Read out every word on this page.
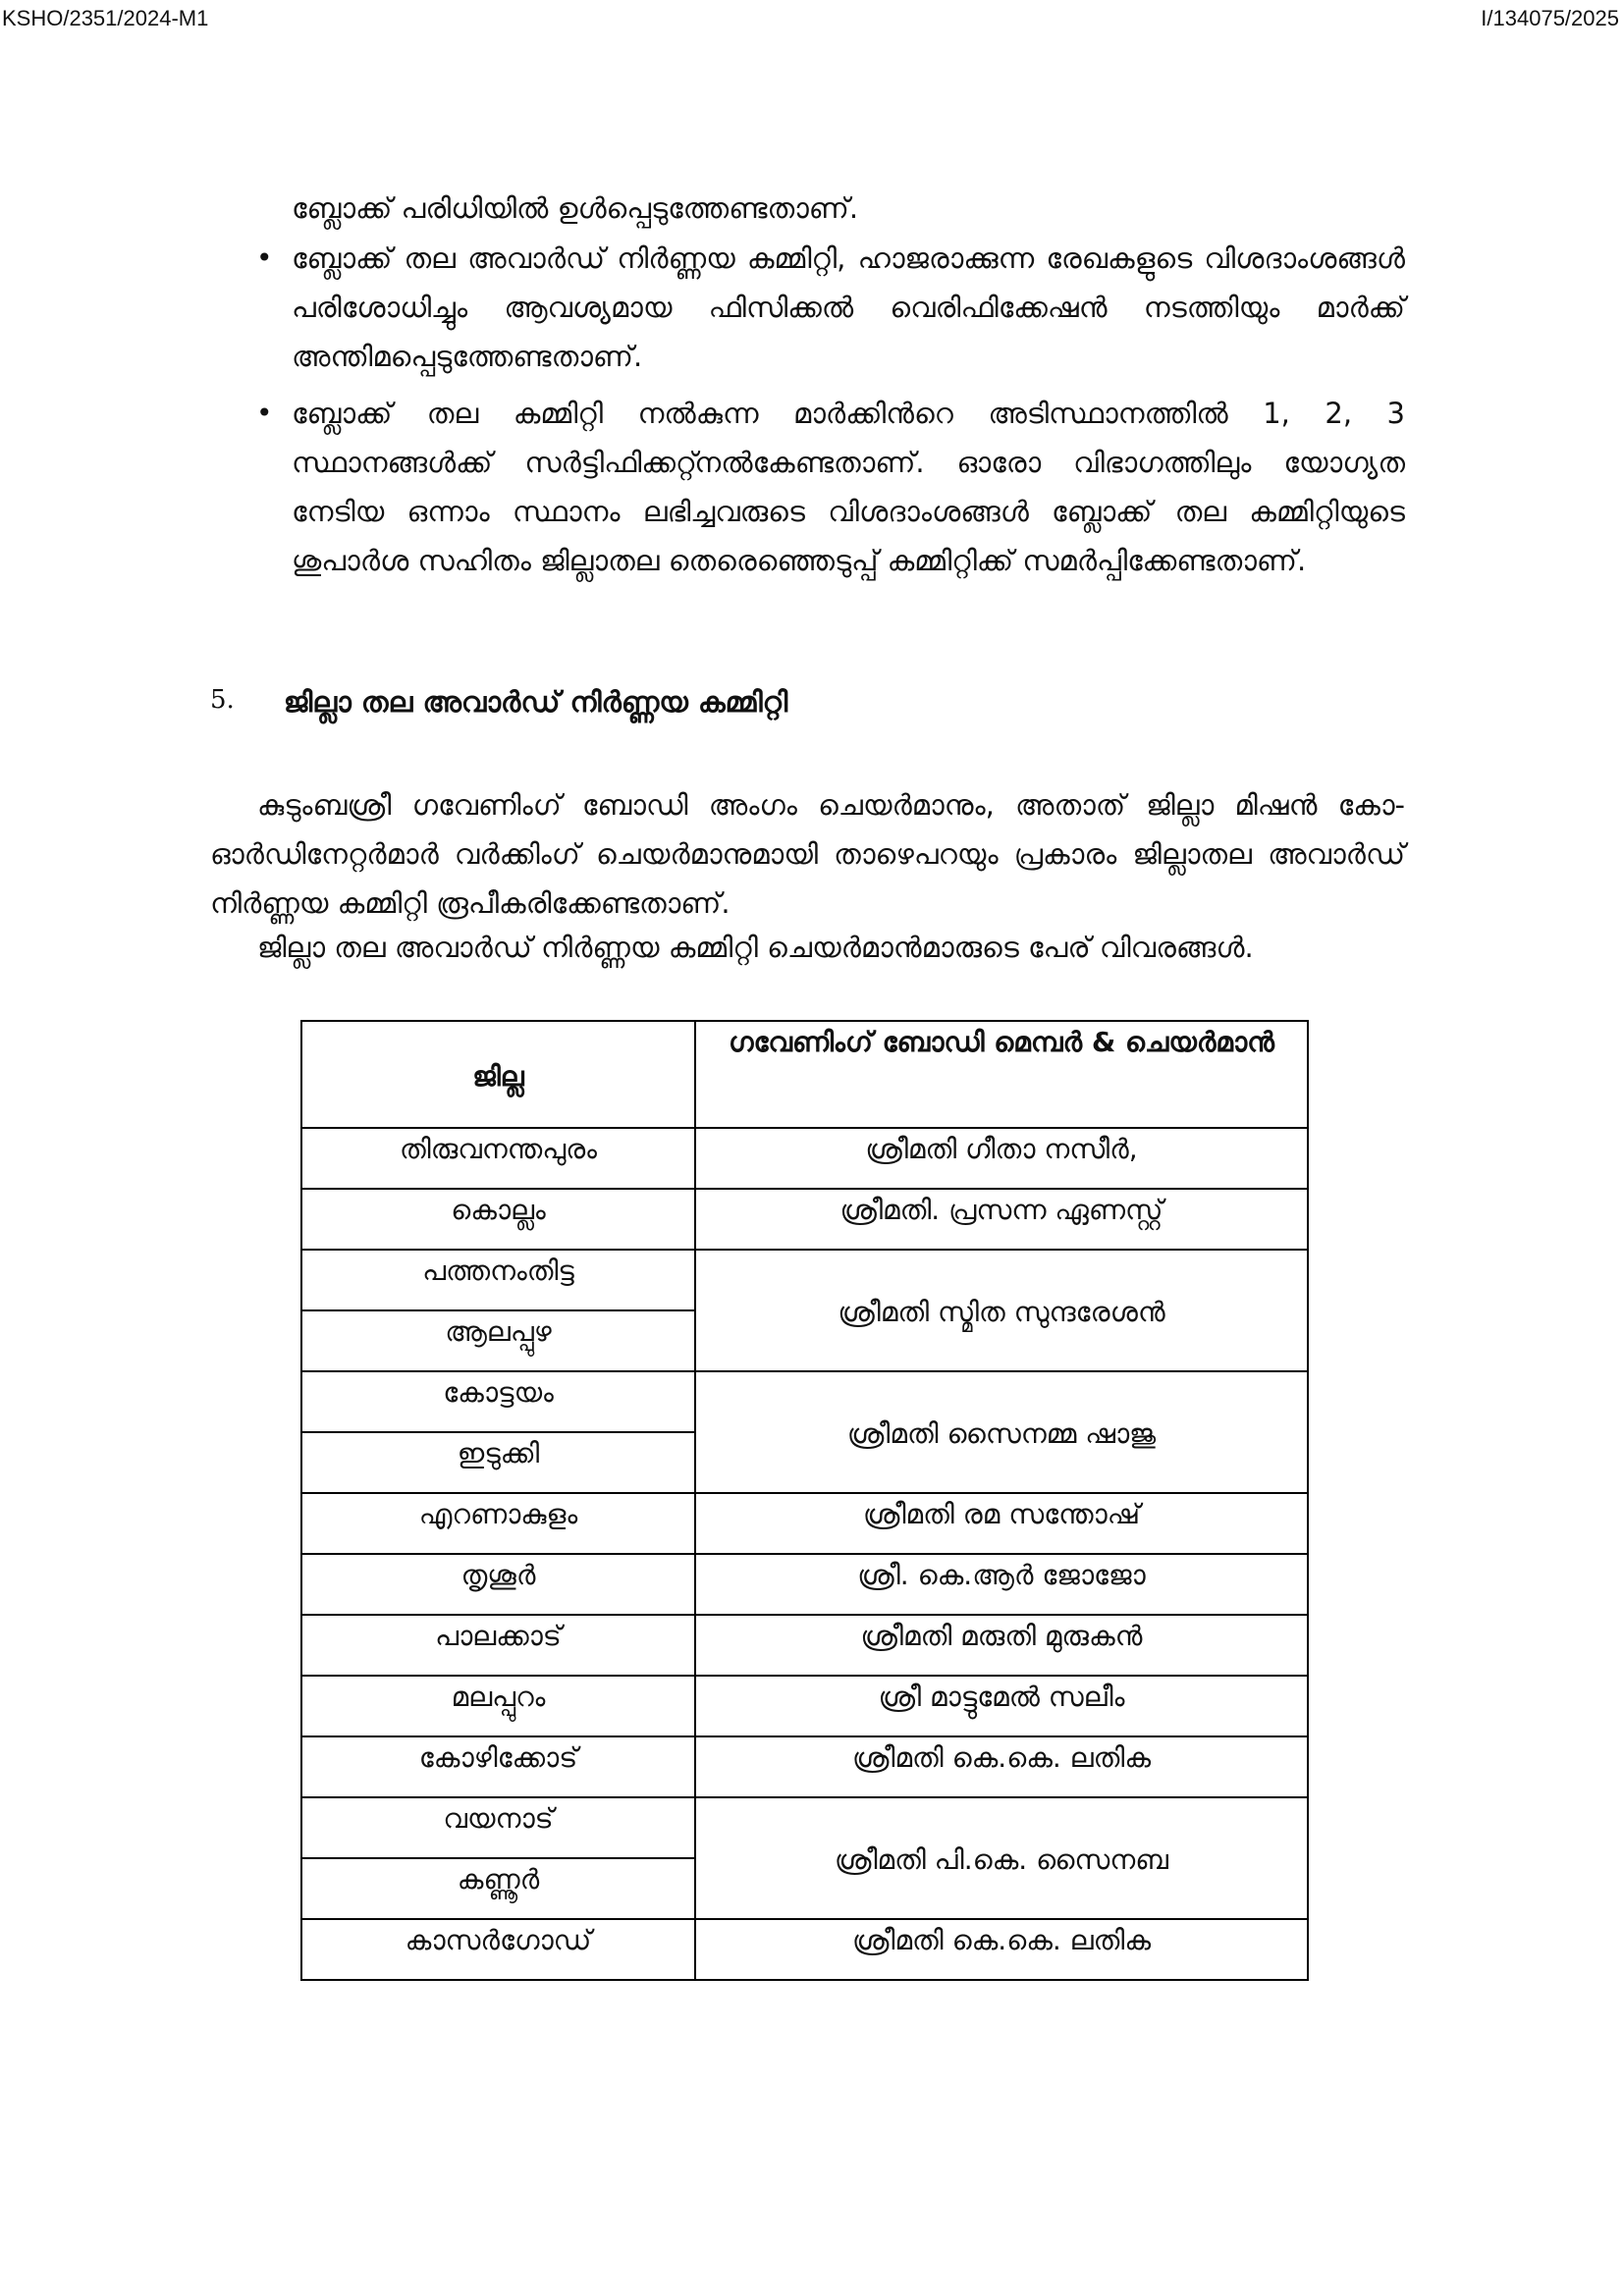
KSHO/2351/2024-M1	I/134075/2025
ബ്ലോക്ക് പരിധിയിൽ ഉൾപ്പെടുത്തേണ്ടതാണ്.
• ബ്ലോക്ക് തല അവാർഡ് നിർണ്ണയ കമ്മിറ്റി, ഹാജരാക്കുന്ന രേഖകളുടെ വിശദാംശങ്ങൾ പരിശോധിച്ചും ആവശ്യമായ ഫിസിക്കൽ വെരിഫിക്കേഷൻ നടത്തിയും മാർക്ക് അന്തിമപ്പെടുത്തേണ്ടതാണ്.
• ബ്ലോക്ക് തല കമ്മിറ്റി നൽകുന്ന മാർക്കിൻറെ അടിസ്ഥാനത്തിൽ 1, 2, 3 സ്ഥാനങ്ങൾക്ക് സർട്ടിഫിക്കറ്റ്നൽകേണ്ടതാണ്. ഓരോ വിഭാഗത്തിലും യോഗ്യത നേടിയ ഒന്നാം സ്ഥാനം ലഭിച്ചവരുടെ വിശദാംശങ്ങൾ ബ്ലോക്ക് തല കമ്മിറ്റിയുടെ ശുപാർശ സഹിതം ജില്ലാതല തെരെഞ്ഞെടുപ്പ് കമ്മിറ്റിക്ക് സമർപ്പിക്കേണ്ടതാണ്.
5. ജില്ലാ തല അവാർഡ് നിർണ്ണയ കമ്മിറ്റി

കുടുംബശ്രീ ഗവേണിംഗ് ബോഡി അംഗം ചെയർമാനും, അതാത് ജില്ലാ മിഷൻ കോ-ഓർഡിനേറ്റർമാർ വർക്കിംഗ് ചെയർമാനുമായി താഴെപറയും പ്രകാരം ജില്ലാതല അവാർഡ് നിർണ്ണയ കമ്മിറ്റി രൂപീകരിക്കേണ്ടതാണ്.

ജില്ലാ തല അവാർഡ് നിർണ്ണയ കമ്മിറ്റി ചെയർമാൻമാരുടെ പേര് വിവരങ്ങൾ.
ജില്ല	ഗവേണിംഗ് ബോഡി മെമ്പർ & ചെയർമാൻ
തിരുവനന്തപുരം	ശ്രീമതി ഗീതാ നസീർ,
കൊല്ലം	ശ്രീമതി. പ്രസന്ന ഏണസ്റ്റ്
പത്തനംതിട്ട	ശ്രീമതി സ്മിത സുന്ദരേശൻ
ആലപ്പുഴ	
കോട്ടയം	ശ്രീമതി സൈനമ്മ ഷാജു
ഇടുക്കി	
എറണാകുളം	ശ്രീമതി രമ സന്തോഷ്
തൃശൂർ	ശ്രീ. കെ.ആർ ജോജോ
പാലക്കാട്	ശ്രീമതി മരുതി മുരുകൻ
മലപ്പുറം	ശ്രീ മാട്ടുമേൽ സലീം
കോഴിക്കോട്	ശ്രീമതി കെ.കെ. ലതിക
വയനാട്	ശ്രീമതി പി.കെ. സൈനബ
കണ്ണൂർ	
കാസർഗോഡ്	ശ്രീമതി കെ.കെ. ലതിക
